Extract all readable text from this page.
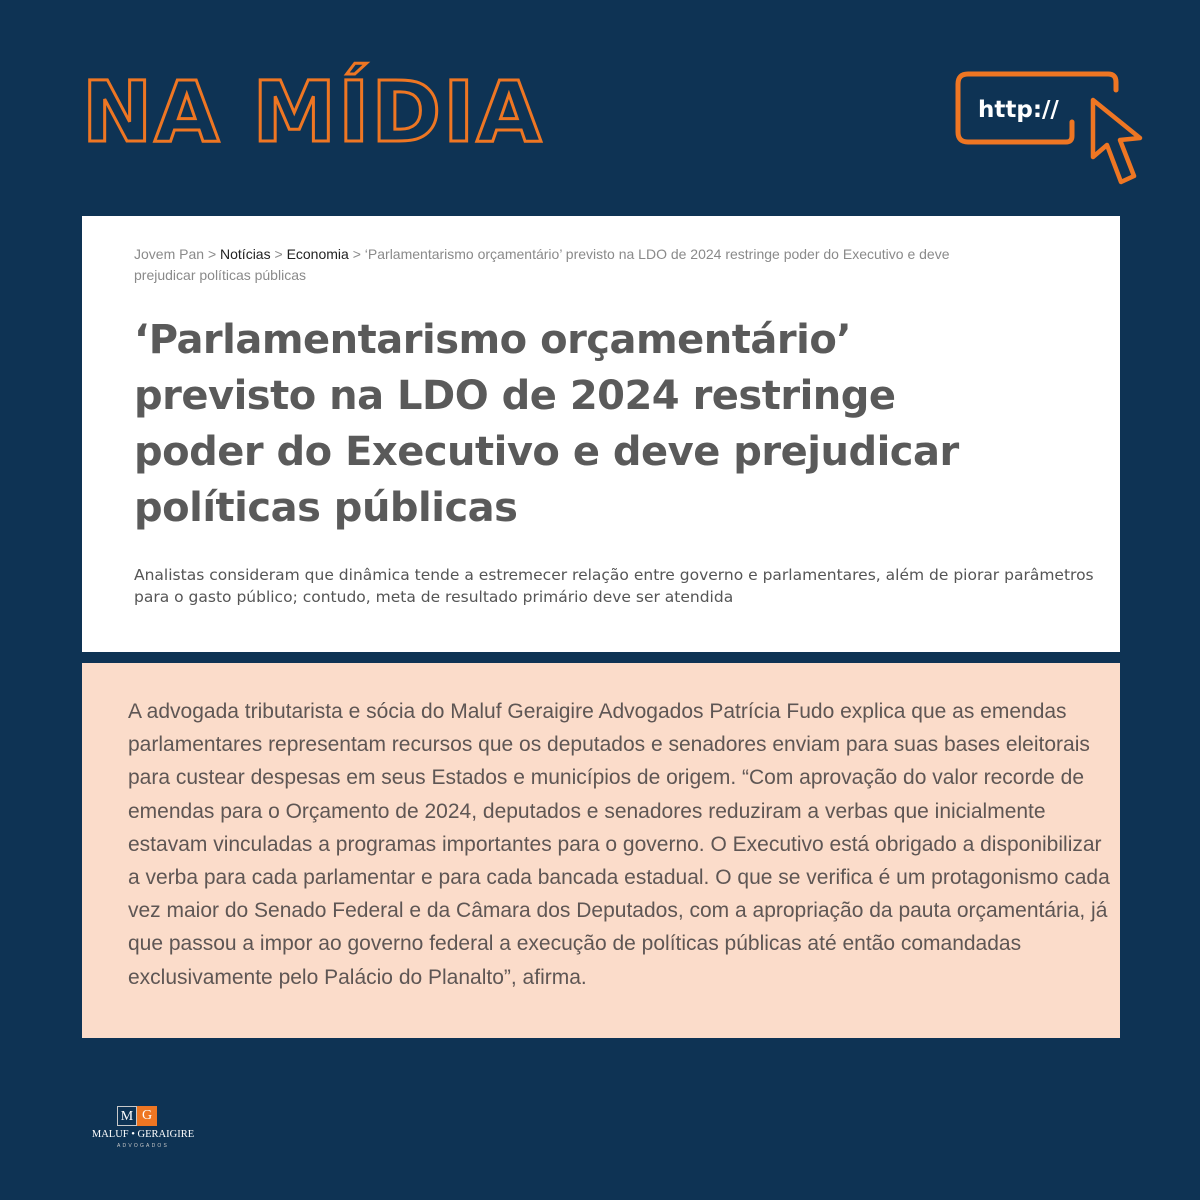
NA MÍDIA	http://
Jovem Pan > Notícias > Economia > ‘Parlamentarismo orçamentário’ previsto na LDO de 2024 restringe poder do Executivo e deve prejudicar políticas públicas
‘Parlamentarismo orçamentário’ previsto na LDO de 2024 restringe poder do Executivo e deve prejudicar políticas públicas

Analistas consideram que dinâmica tende a estremecer relação entre governo e parlamentares, além de piorar parâmetros para o gasto público; contudo, meta de resultado primário deve ser atendida

A advogada tributarista e sócia do Maluf Geraigire Advogados Patrícia Fudo explica que as emendas parlamentares representam recursos que os deputados e senadores enviam para suas bases eleitorais para custear despesas em seus Estados e municípios de origem. “Com aprovação do valor recorde de emendas para o Orçamento de 2024, deputados e senadores reduziram a verbas que inicialmente estavam vinculadas a programas importantes para o governo. O Executivo está obrigado a disponibilizar a verba para cada parlamentar e para cada bancada estadual. O que se verifica é um protagonismo cada vez maior do Senado Federal e da Câmara dos Deputados, com a apropriação da pauta orçamentária, já que passou a impor ao governo federal a execução de políticas públicas até então comandadas exclusivamente pelo Palácio do Planalto”, afirma.

M G
MALUF • GERAIGIRE
ADVOGADOS
